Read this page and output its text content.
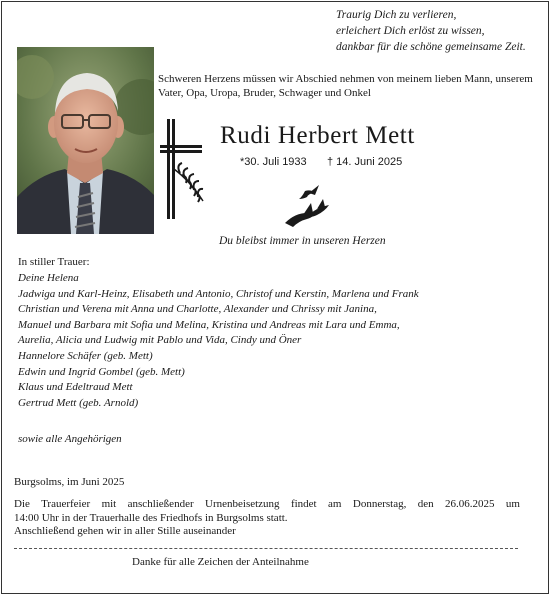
Traurig Dich zu verlieren,
erleichert Dich erlöst zu wissen,
dankbar für die schöne gemeinsame Zeit.
Schweren Herzens müssen wir Abschied nehmen von meinem lieben Mann, unserem Vater, Opa, Uropa, Bruder, Schwager und Onkel
Rudi Herbert Mett
*30. Juli 1933 † 14. Juni 2025
Du bleibst immer in unseren Herzen
In stiller Trauer:
Deine Helena
Jadwiga und Karl-Heinz, Elisabeth und Antonio, Christof und Kerstin, Marlena und Frank
Christian und Verena mit Anna und Charlotte, Alexander und Chrissy mit Janina,
Manuel und Barbara mit Sofia und Melina, Kristina und Andreas mit Lara und Emma,
Aurelia, Alicia und Ludwig mit Pablo und Vida, Cindy und Öner
Hannelore Schäfer (geb. Mett)
Edwin und Ingrid Gombel (geb. Mett)
Klaus und Edeltraud Mett
Gertrud Mett (geb. Arnold)
sowie alle Angehörigen
Burgsolms, im Juni 2025
Die Trauerfeier mit anschließender Urnenbeisetzung findet am Donnerstag, den 26.06.2025 um
14:00 Uhr in der Trauerhalle des Friedhofs in Burgsolms statt.
Anschließend gehen wir in aller Stille auseinander
Danke für alle Zeichen der Anteilnahme
